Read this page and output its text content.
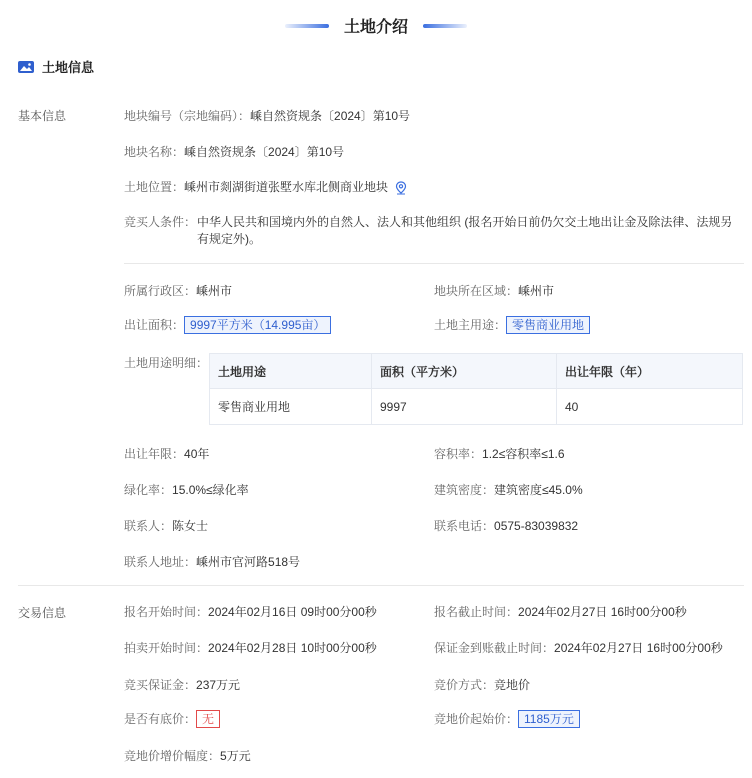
土地介绍
土地信息
基本信息	地块编号（宗地编码）：嵊自然资规条〔2024〕第10号
地块名称：嵊自然资规条〔2024〕第10号
土地位置：嵊州市剡湖街道张墅水库北侧商业地块
竞买人条件： 中华人民共和国境内外的自然人、法人和其他组织 (报名开始日前仍欠交土地出让金及除法律、法规另有规定外)。
所属行政区：嵊州市	地块所在区域：嵊州市
出让面积： 9997平方米（14.995亩）	土地主用途： 零售商业用地
土地用途明细：
土地用途	面积（平方米）	出让年限（年）
零售商业用地	9997	40
出让年限：40年	容积率：1.2≤容积率≤1.6
绿化率：15.0%≤绿化率	建筑密度：建筑密度≤45.0%
联系人：陈女士	联系电话：0575-83039832
联系人地址：嵊州市官河路518号
交易信息	报名开始时间：2024年02月16日 09时00分00秒	报名截止时间：2024年02月27日 16时00分00秒
拍卖开始时间：2024年02月28日 10时00分00秒	保证金到账截止时间：2024年02月27日 16时00分00秒
竞买保证金：237万元	竞价方式：竞地价
是否有底价： 无	竞地价起始价： 1185万元
竞地价增价幅度：5万元
